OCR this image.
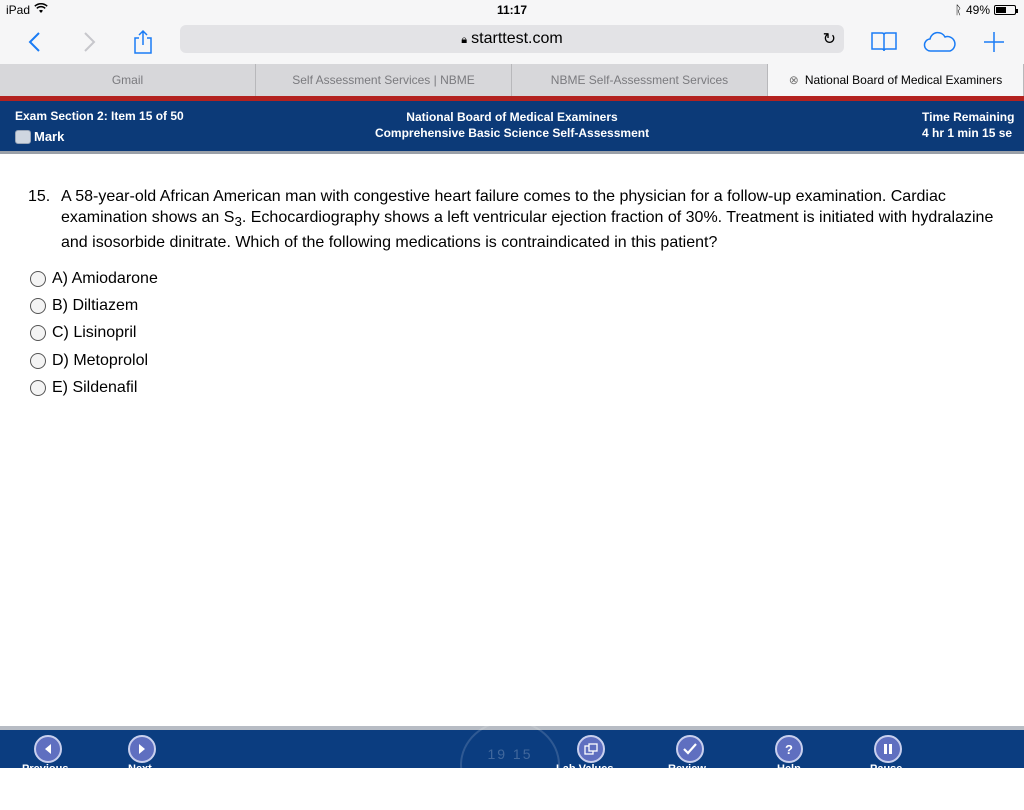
iPad	11:17	ᚱ 49%
🔒︎ starttest.com	↻
Gmail	Self Assessment Services | NBME	NBME Self-Assessment Services	⊗ National Board of Medical Examiners
Exam Section 2: Item 15 of 50
Mark
National Board of Medical Examiners
Comprehensive Basic Science Self-Assessment
Time Remaining
4 hr 1 min 15 se
15. A 58-year-old African American man with congestive heart failure comes to the physician for a follow-up examination. Cardiac examination shows an $S_3$. Echocardiography shows a left ventricular ejection fraction of 30%. Treatment is initiated with hydralazine and isosorbide dinitrate. Which of the following medications is contraindicated in this patient?
A) Amiodarone
B) Diltiazem
C) Lisinopril
D) Metoprolol
E) Sildenafil
19 15
Previous	Next	Lab Values	Review
?
Help	Pause
